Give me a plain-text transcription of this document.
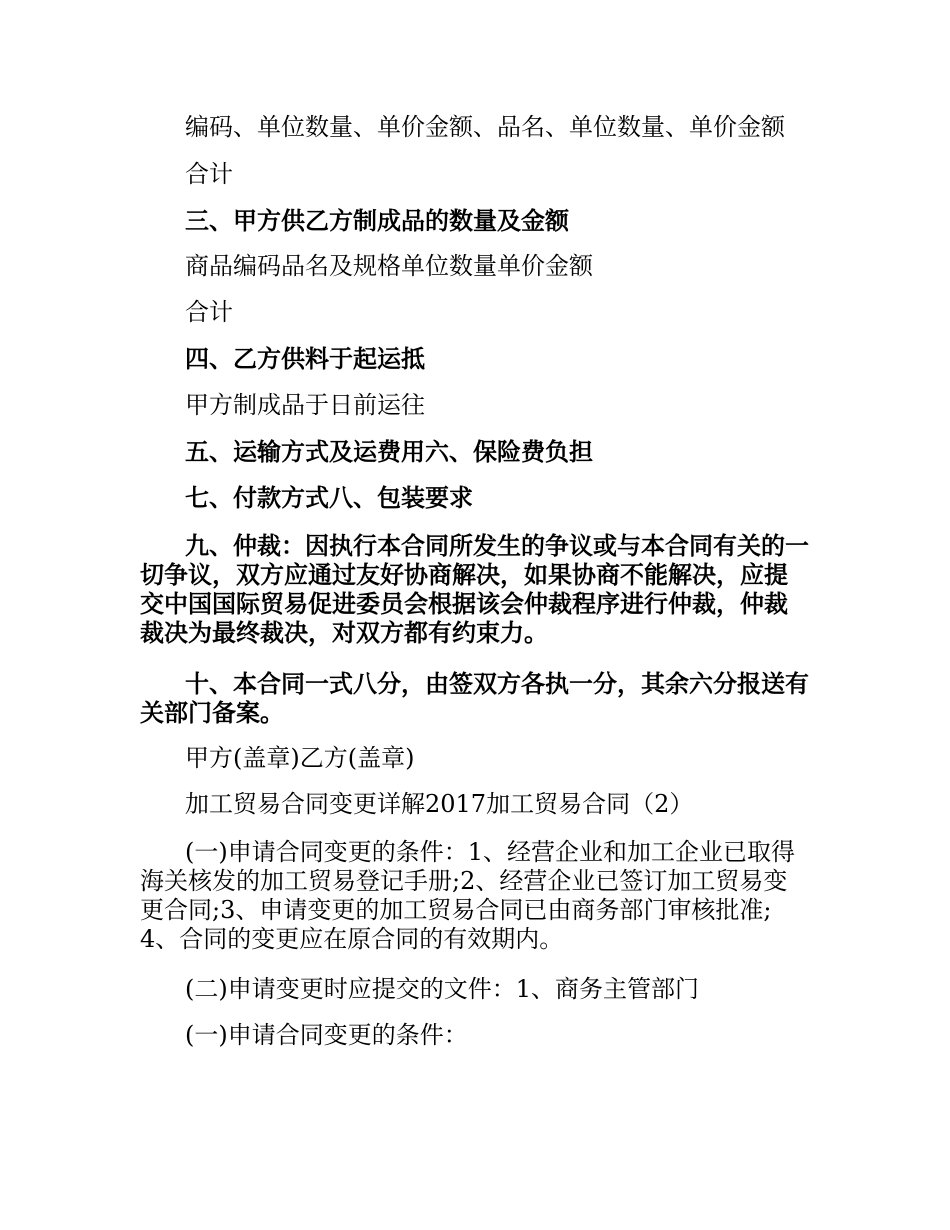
编码、单位数量、单价金额、品名、单位数量、单价金额

合计

三、甲方供乙方制成品的数量及金额

商品编码品名及规格单位数量单价金额

合计

四、乙方供料于起运抵

甲方制成品于日前运往

五、运输方式及运费用六、保险费负担

七、付款方式八、包装要求

九、仲裁：因执行本合同所发生的争议或与本合同有关的一切争议，双方应通过友好协商解决，如果协商不能解决，应提交中国国际贸易促进委员会根据该会仲裁程序进行仲裁，仲裁裁决为最终裁决，对双方都有约束力。

十、本合同一式八分，由签双方各执一分，其余六分报送有关部门备案。

甲方(盖章)乙方(盖章)

加工贸易合同变更详解2017加工贸易合同（2）

(一)申请合同变更的条件：1、经营企业和加工企业已取得海关核发的加工贸易登记手册;2、经营企业已签订加工贸易变更合同;3、申请变更的加工贸易合同已由商务部门审核批准;4、合同的变更应在原合同的有效期内。

(二)申请变更时应提交的文件：1、商务主管部门

(一)申请合同变更的条件：
